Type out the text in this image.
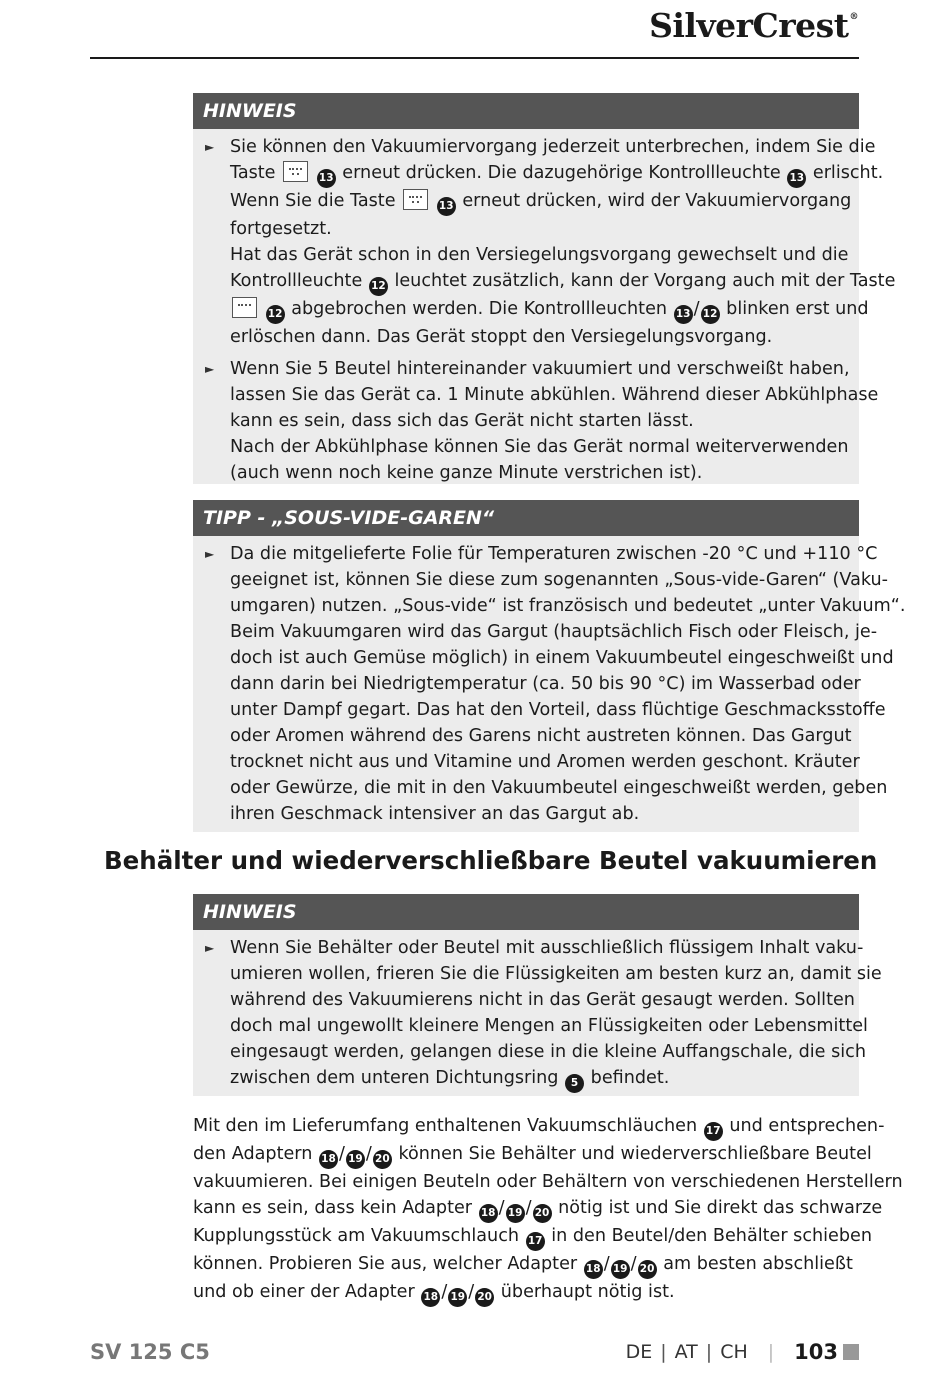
SilverCrest®
HINWEIS
► Sie können den Vakuumiervorgang jederzeit unterbrechen, indem Sie die
Taste	13 erneut drücken. Die dazugehörige Kontrollleuchte 13 erlischt.
Wenn Sie die Taste	13 erneut drücken, wird der Vakuumiervorgang
fortgesetzt.
Hat das Gerät schon in den Versiegelungsvorgang gewechselt und die
Kontrollleuchte 12 leuchtet zusätzlich, kann der Vorgang auch mit der Taste
12 abgebrochen werden. Die Kontrollleuchten 13 / 12 blinken erst und
erlöschen dann. Das Gerät stoppt den Versiegelungsvorgang.
► Wenn Sie 5 Beutel hintereinander vakuumiert und verschweißt haben,
lassen Sie das Gerät ca. 1 Minute abkühlen. Während dieser Abkühlphase
kann es sein, dass sich das Gerät nicht starten lässt.
Nach der Abkühlphase können Sie das Gerät normal weiterverwenden
(auch wenn noch keine ganze Minute verstrichen ist).
TIPP - „SOUS-VIDE-GAREN“
► Da die mitgelieferte Folie für Temperaturen zwischen -20 °C und +110 °C
geeignet ist, können Sie diese zum sogenannten „Sous-vide-Garen“ (Vaku-
umgaren) nutzen. „Sous-vide“ ist französisch und bedeutet „unter Vakuum“.
Beim Vakuumgaren wird das Gargut (hauptsächlich Fisch oder Fleisch, je-
doch ist auch Gemüse möglich) in einem Vakuumbeutel eingeschweißt und
dann darin bei Niedrigtemperatur (ca. 50 bis 90 °C) im Wasserbad oder
unter Dampf gegart. Das hat den Vorteil, dass flüchtige Geschmacksstoffe
oder Aromen während des Garens nicht austreten können. Das Gargut
trocknet nicht aus und Vitamine und Aromen werden geschont. Kräuter
oder Gewürze, die mit in den Vakuumbeutel eingeschweißt werden, geben
ihren Geschmack intensiver an das Gargut ab.
Behälter und wiederverschließbare Beutel vakuumieren
HINWEIS
► Wenn Sie Behälter oder Beutel mit ausschließlich flüssigem Inhalt vaku-
umieren wollen, frieren Sie die Flüssigkeiten am besten kurz an, damit sie
während des Vakuumierens nicht in das Gerät gesaugt werden. Sollten
doch mal ungewollt kleinere Mengen an Flüssigkeiten oder Lebensmittel
eingesaugt werden, gelangen diese in die kleine Auffangschale, die sich
zwischen dem unteren Dichtungsring 5 befindet.
Mit den im Lieferumfang enthaltenen Vakuumschläuchen 17 und entsprechen-
den Adaptern 18 / 19 / 20 können Sie Behälter und wiederverschließbare Beutel
vakuumieren. Bei einigen Beuteln oder Behältern von verschiedenen Herstellern
kann es sein, dass kein Adapter 18 / 19 / 20 nötig ist und Sie direkt das schwarze
Kupplungsstück am Vakuumschlauch 17 in den Beutel/den Behälter schieben
können. Probieren Sie aus, welcher Adapter 18 / 19 / 20 am besten abschließt
und ob einer der Adapter 18 / 19 / 20 überhaupt nötig ist.
SV 125 C5	DE | AT | CH | 103
